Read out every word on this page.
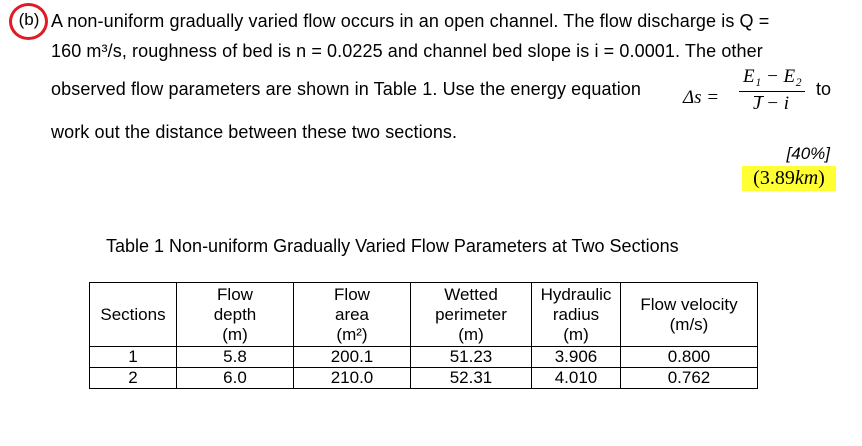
(b) A non-uniform gradually varied flow occurs in an open channel. The flow discharge is Q =
160 m³/s, roughness of bed is n = 0.0225 and channel bed slope is i = 0.0001. The other
observed flow parameters are shown in Table 1. Use the energy equation Δs =
E₁ − E₂
J − i
to
work out the distance between these two sections.
[40%]
(3.89km)
Table 1 Non-uniform Gradually Varied Flow Parameters at Two Sections
Sections	Flow
depth
(m)	Flow
area
(m²)	Wetted
perimeter
(m)	Hydraulic
radius
(m)	Flow velocity
(m/s)
1	5.8	200.1	51.23	3.906	0.800
2	6.0	210.0	52.31	4.010	0.762
